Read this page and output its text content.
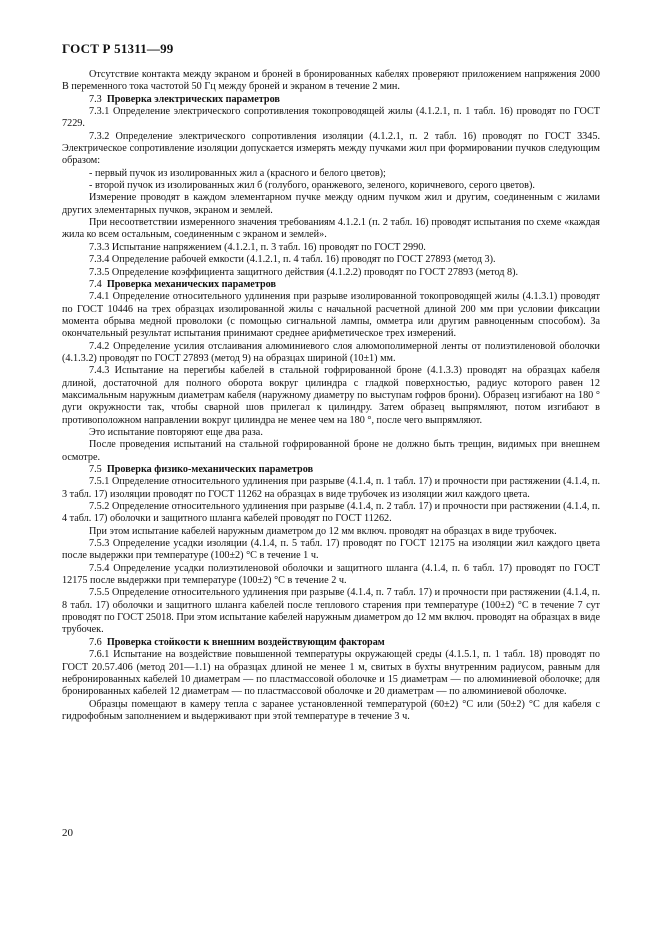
ГОСТ Р 51311—99

Отсутствие контакта между экраном и броней в бронированных кабелях проверяют приложением напряжения 2000 В переменного тока частотой 50 Гц между броней и экраном в течение 2 мин.

7.3 Проверка электрических параметров

7.3.1 Определение электрического сопротивления токопроводящей жилы (4.1.2.1, п. 1 табл. 16) проводят по ГОСТ 7229.

7.3.2 Определение электрического сопротивления изоляции (4.1.2.1, п. 2 табл. 16) проводят по ГОСТ 3345. Электрическое сопротивление изоляции допускается измерять между пучками жил при формировании пучков следующим образом:

- первый пучок из изолированных жил а (красного и белого цветов);

- второй пучок из изолированных жил б (голубого, оранжевого, зеленого, коричневого, серого цветов).

Измерение проводят в каждом элементарном пучке между одним пучком жил и другим, соединенным с жилами других элементарных пучков, экраном и землей.

При несоответствии измеренного значения требованиям 4.1.2.1 (п. 2 табл. 16) проводят испытания по схеме «каждая жила ко всем остальным, соединенным с экраном и землей».

7.3.3 Испытание напряжением (4.1.2.1, п. 3 табл. 16) проводят по ГОСТ 2990.

7.3.4 Определение рабочей емкости (4.1.2.1, п. 4 табл. 16) проводят по ГОСТ 27893 (метод 3).

7.3.5 Определение коэффициента защитного действия (4.1.2.2) проводят по ГОСТ 27893 (метод 8).

7.4 Проверка механических параметров

7.4.1 Определение относительного удлинения при разрыве изолированной токопроводящей жилы (4.1.3.1) проводят по ГОСТ 10446 на трех образцах изолированной жилы с начальной расчетной длиной 200 мм при условии фиксации момента обрыва медной проволоки (с помощью сигнальной лампы, омметра или другим равноценным способом). За окончательный результат испытания принимают среднее арифметическое трех измерений.

7.4.2 Определение усилия отслаивания алюминиевого слоя алюмополимерной ленты от полиэтиленовой оболочки (4.1.3.2) проводят по ГОСТ 27893 (метод 9) на образцах шириной (10±1) мм.

7.4.3 Испытание на перегибы кабелей в стальной гофрированной броне (4.1.3.3) проводят на образцах кабеля длиной, достаточной для полного оборота вокруг цилиндра с гладкой поверхностью, радиус которого равен 12 максимальным наружным диаметрам кабеля (наружному диаметру по выступам гофров брони). Образец изгибают на 180 ° дуги окружности так, чтобы сварной шов прилегал к цилиндру. Затем образец выпрямляют, потом изгибают в противоположном направлении вокруг цилиндра не менее чем на 180 °, после чего выпрямляют.

Это испытание повторяют еще два раза.

После проведения испытаний на стальной гофрированной броне не должно быть трещин, видимых при внешнем осмотре.

7.5 Проверка физико-механических параметров

7.5.1 Определение относительного удлинения при разрыве (4.1.4, п. 1 табл. 17) и прочности при растяжении (4.1.4, п. 3 табл. 17) изоляции проводят по ГОСТ 11262 на образцах в виде трубочек из изоляции жил каждого цвета.

7.5.2 Определение относительного удлинения при разрыве (4.1.4, п. 2 табл. 17) и прочности при растяжении (4.1.4, п. 4 табл. 17) оболочки и защитного шланга кабелей проводят по ГОСТ 11262.

При этом испытание кабелей наружным диаметром до 12 мм включ. проводят на образцах в виде трубочек.

7.5.3 Определение усадки изоляции (4.1.4, п. 5 табл. 17) проводят по ГОСТ 12175 на изоляции жил каждого цвета после выдержки при температуре (100±2) °С в течение 1 ч.

7.5.4 Определение усадки полиэтиленовой оболочки и защитного шланга (4.1.4, п. 6 табл. 17) проводят по ГОСТ 12175 после выдержки при температуре (100±2) °С в течение 2 ч.

7.5.5 Определение относительного удлинения при разрыве (4.1.4, п. 7 табл. 17) и прочности при растяжении (4.1.4, п. 8 табл. 17) оболочки и защитного шланга кабелей после теплового старения при температуре (100±2) °С в течение 7 сут проводят по ГОСТ 25018. При этом испытание кабелей наружным диаметром до 12 мм включ. проводят на образцах в виде трубочек.

7.6 Проверка стойкости к внешним воздействующим факторам

7.6.1 Испытание на воздействие повышенной температуры окружающей среды (4.1.5.1, п. 1 табл. 18) проводят по ГОСТ 20.57.406 (метод 201—1.1) на образцах длиной не менее 1 м, свитых в бухты внутренним радиусом, равным для небронированных кабелей 10 диаметрам — по пластмассовой оболочке и 15 диаметрам — по алюминиевой оболочке; для бронированных кабелей 12 диаметрам — по пластмассовой оболочке и 20 диаметрам — по алюминиевой оболочке.

Образцы помещают в камеру тепла с заранее установленной температурой (60±2) °С или (50±2) °С для кабеля с гидрофобным заполнением и выдерживают при этой температуре в течение 3 ч.

20
